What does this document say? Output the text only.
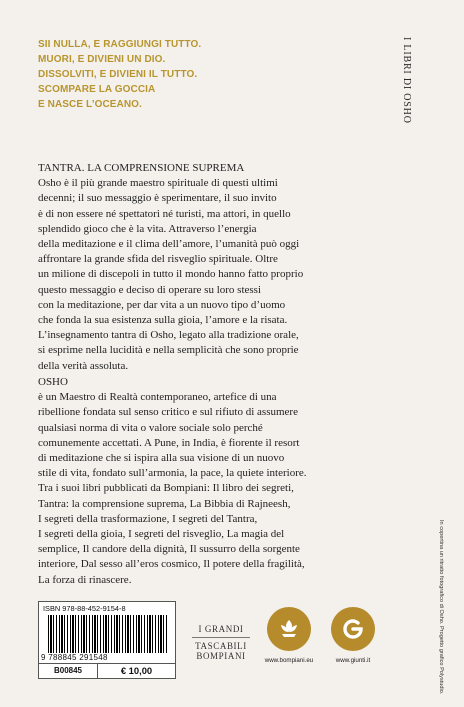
SII NULLA, E RAGGIUNGI TUTTO.
MUORI, E DIVIENI UN DIO.
DISSOLVITI, E DIVIENI IL TUTTO.
SCOMPARE LA GOCCIA
E NASCE L’OCEANO.	I LIBRI DI OSHO
TANTRA. LA COMPRENSIONE SUPREMA
Osho è il più grande maestro spirituale di questi ultimi
decenni; il suo messaggio è sperimentare, il suo invito
è di non essere né spettatori né turisti, ma attori, in quello
splendido gioco che è la vita. Attraverso l’energia
della meditazione e il clima dell’amore, l’umanità può oggi
affrontare la grande sfida del risveglio spirituale. Oltre
un milione di discepoli in tutto il mondo hanno fatto proprio
questo messaggio e deciso di operare su loro stessi
con la meditazione, per dar vita a un nuovo tipo d’uomo
che fonda la sua esistenza sulla gioia, l’amore e la risata.
L’insegnamento tantra di Osho, legato alla tradizione orale,
si esprime nella lucidità e nella semplicità che sono proprie
della verità assoluta.
OSHO
è un Maestro di Realtà contemporaneo, artefice di una
ribellione fondata sul senso critico e sul rifiuto di assumere
qualsiasi norma di vita o valore sociale solo perché
comunemente accettati. A Pune, in India, è fiorente il resort
di meditazione che si ispira alla sua visione di un nuovo
stile di vita, fondato sull’armonia, la pace, la quiete interiore.
Tra i suoi libri pubblicati da Bompiani: Il libro dei segreti,
Tantra: la comprensione suprema, La Bibbia di Rajneesh,
I segreti della trasformazione, I segreti del Tantra,
I segreti della gioia, I segreti del risveglio, La magia del
semplice, Il candore della dignità, Il sussurro della sorgente
interiore, Dal sesso all’eros cosmico, Il potere della fragilità,
La forza di rinascere.
ISBN 978-88-452-9154-8
9 788845 291548
B00845	€ 10,00
I GRANDI
TASCABILI
BOMPIANI	www.bompiani.eu	www.giunti.it	In copertina un ritratto fotografico di Osho. Progetto grafico Polystudio.
